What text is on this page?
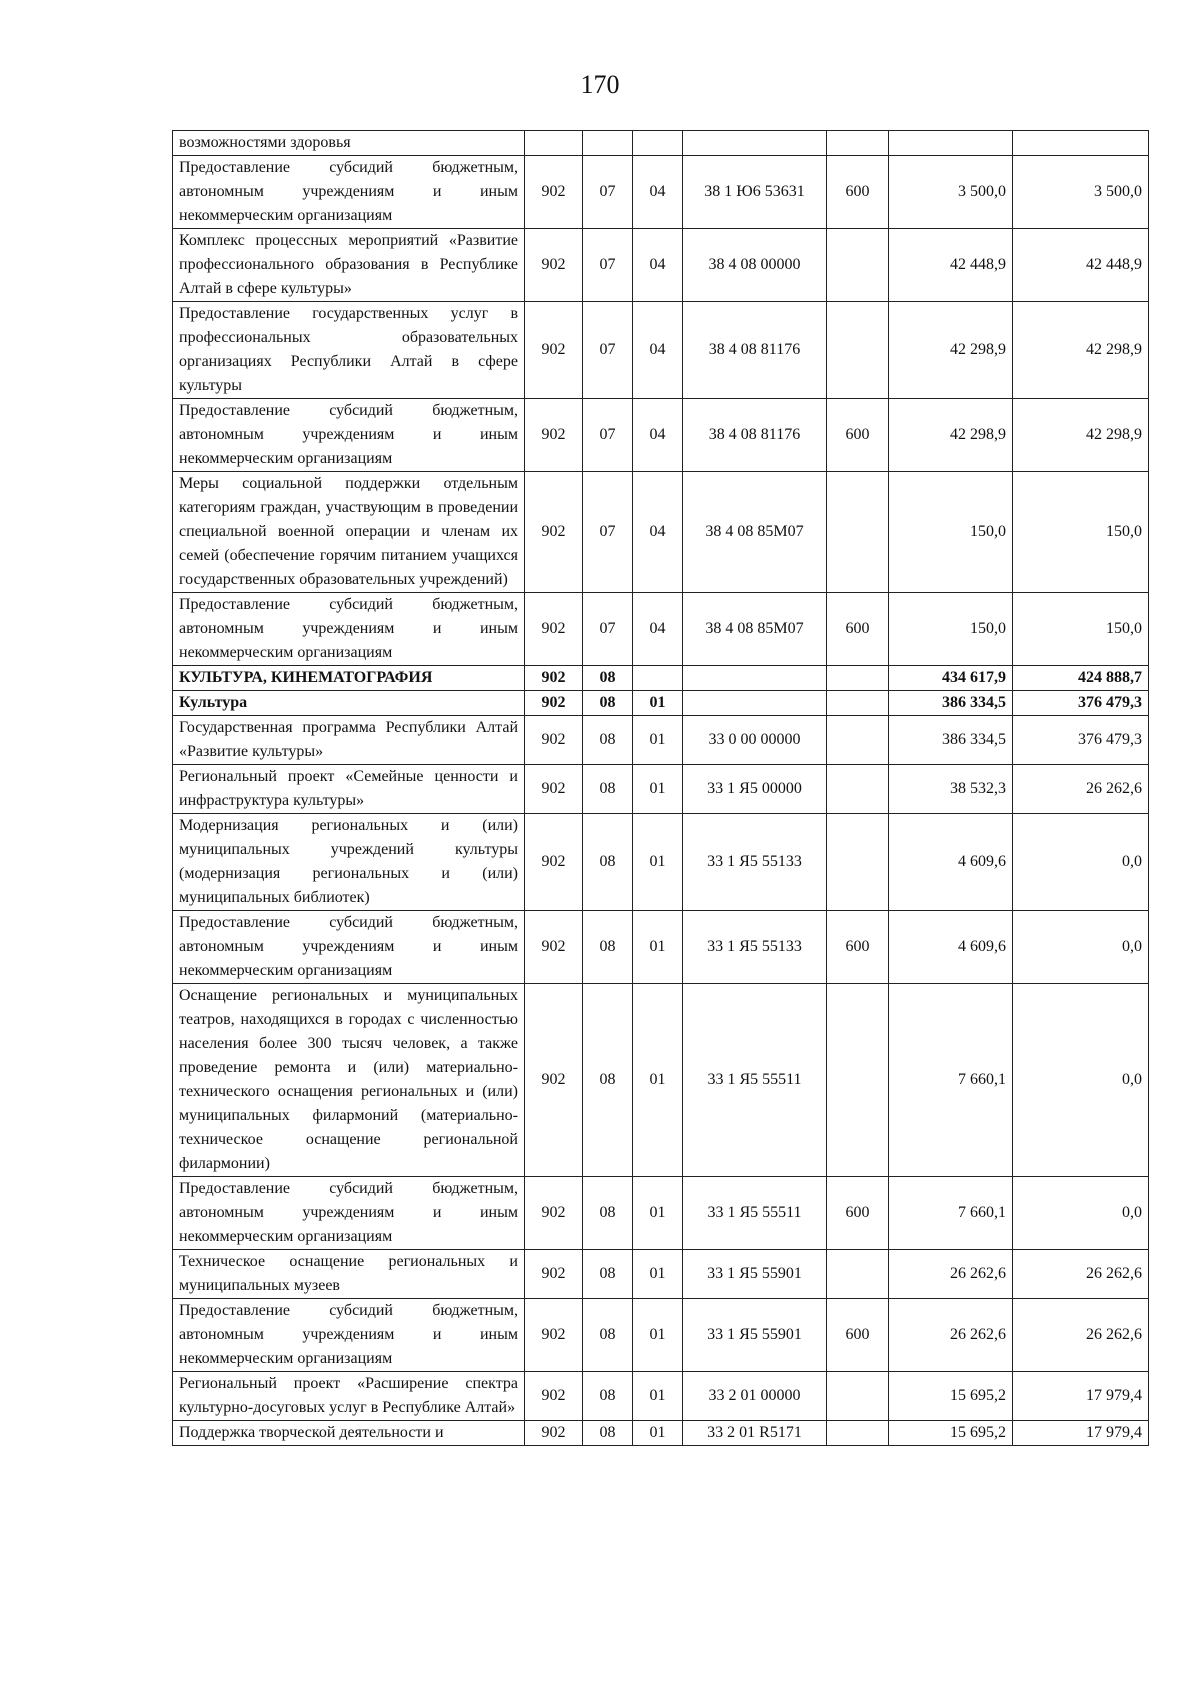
170
возможностями здоровья							
Предоставление субсидий бюджетным, автономным учреждениям и иным некоммерческим организациям	902	07	04	38 1 Ю6 53631	600	3 500,0	3 500,0
Комплекс процессных мероприятий «Развитие профессионального образования в Республике Алтай в сфере культуры»	902	07	04	38 4 08 00000		42 448,9	42 448,9
Предоставление государственных услуг в профессиональных образовательных организациях Республики Алтай в сфере культуры	902	07	04	38 4 08 81176		42 298,9	42 298,9
Предоставление субсидий бюджетным, автономным учреждениям и иным некоммерческим организациям	902	07	04	38 4 08 81176	600	42 298,9	42 298,9
Меры социальной поддержки отдельным категориям граждан, участвующим в проведении специальной военной операции и членам их семей (обеспечение горячим питанием учащихся государственных образовательных учреждений)	902	07	04	38 4 08 85М07		150,0	150,0
Предоставление субсидий бюджетным, автономным учреждениям и иным некоммерческим организациям	902	07	04	38 4 08 85М07	600	150,0	150,0
КУЛЬТУРА, КИНЕМАТОГРАФИЯ	902	08				434 617,9	424 888,7
Культура	902	08	01			386 334,5	376 479,3
Государственная программа Республики Алтай «Развитие культуры»	902	08	01	33 0 00 00000		386 334,5	376 479,3
Региональный проект «Семейные ценности и инфраструктура культуры»	902	08	01	33 1 Я5 00000		38 532,3	26 262,6
Модернизация региональных и (или) муниципальных учреждений культуры (модернизация региональных и (или) муниципальных библиотек)	902	08	01	33 1 Я5 55133		4 609,6	0,0
Предоставление субсидий бюджетным, автономным учреждениям и иным некоммерческим организациям	902	08	01	33 1 Я5 55133	600	4 609,6	0,0
Оснащение региональных и муниципальных театров, находящихся в городах с численностью населения более 300 тысяч человек, а также проведение ремонта и (или) материально-технического оснащения региональных и (или) муниципальных филармоний (материально-техническое оснащение региональной филармонии)	902	08	01	33 1 Я5 55511		7 660,1	0,0
Предоставление субсидий бюджетным, автономным учреждениям и иным некоммерческим организациям	902	08	01	33 1 Я5 55511	600	7 660,1	0,0
Техническое оснащение региональных и муниципальных музеев	902	08	01	33 1 Я5 55901		26 262,6	26 262,6
Предоставление субсидий бюджетным, автономным учреждениям и иным некоммерческим организациям	902	08	01	33 1 Я5 55901	600	26 262,6	26 262,6
Региональный проект «Расширение спектра культурно-досуговых услуг в Республике Алтай»	902	08	01	33 2 01 00000		15 695,2	17 979,4
Поддержка творческой деятельности и	902	08	01	33 2 01 R5171		15 695,2	17 979,4
